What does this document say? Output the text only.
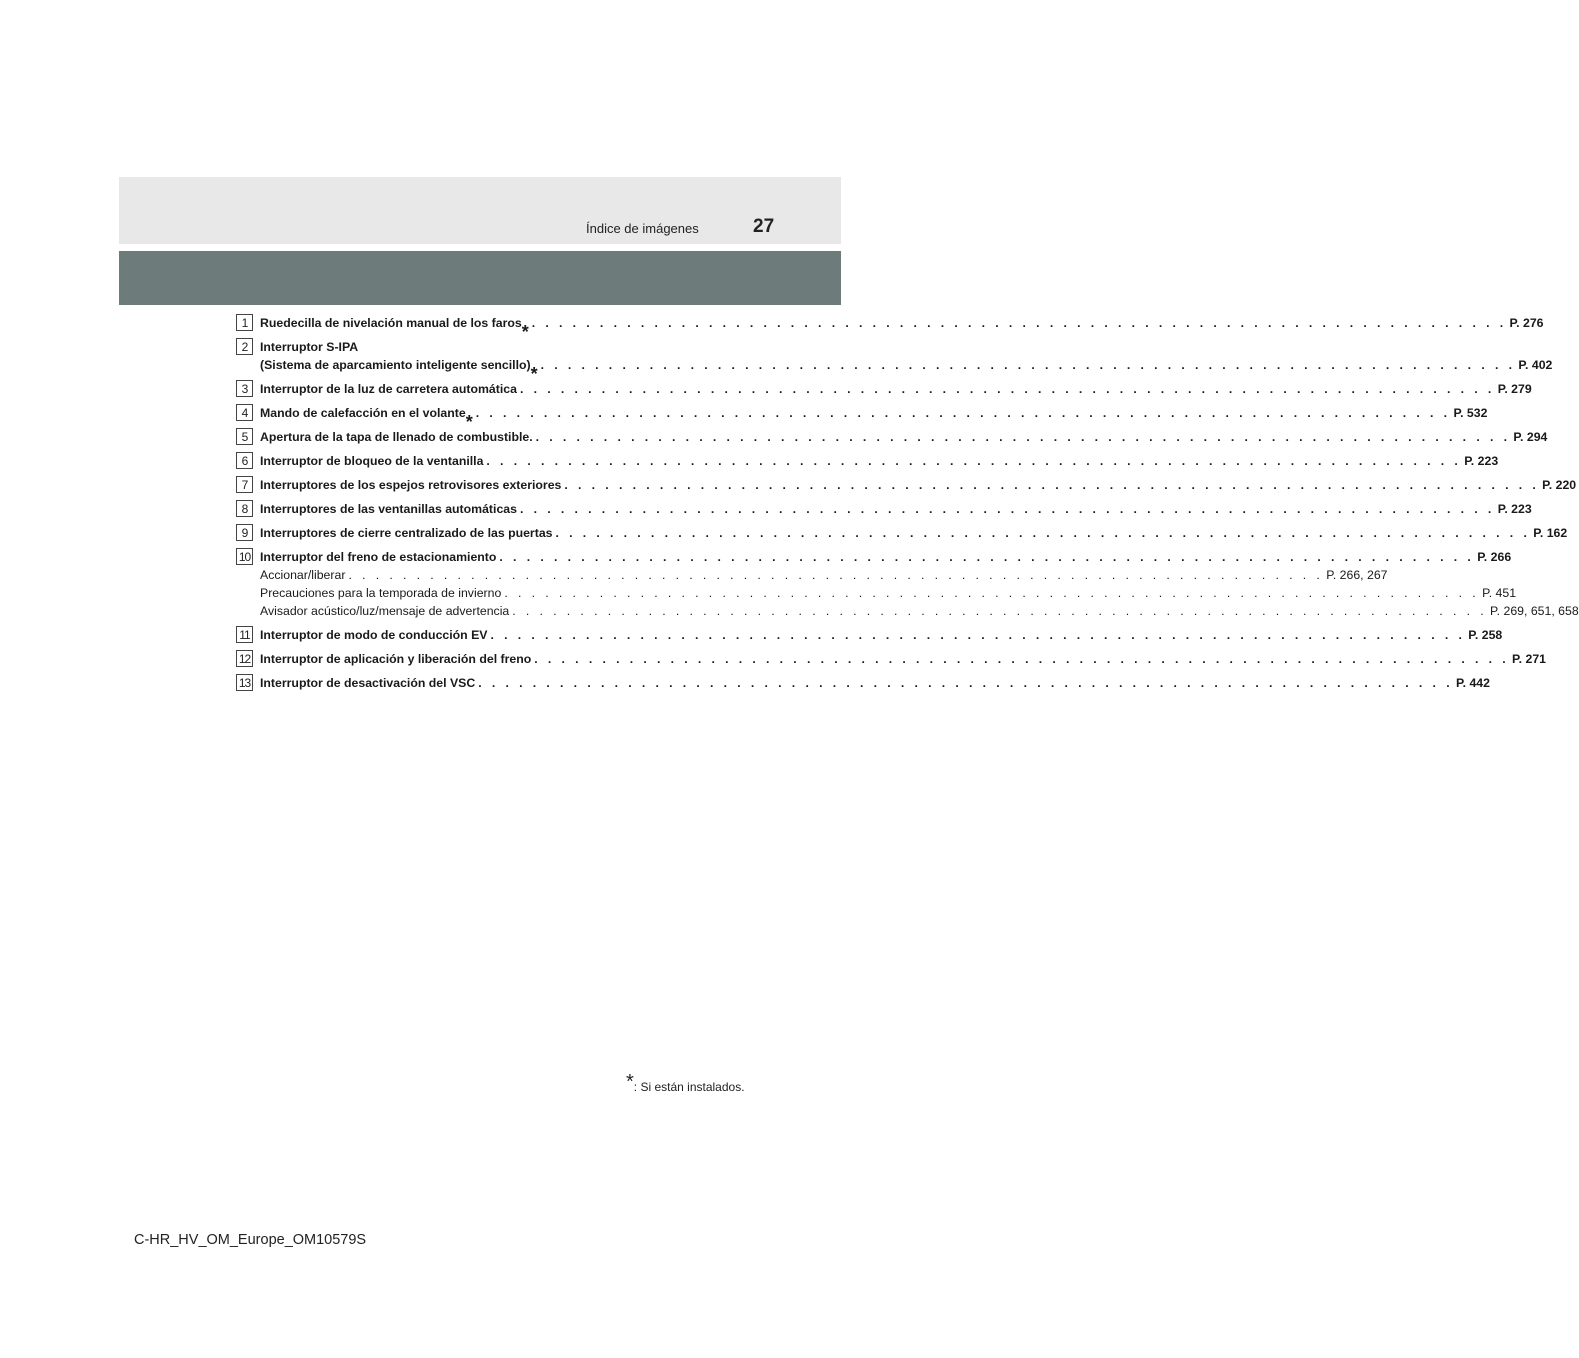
Índice de imágenes	27
1	Ruedecilla de nivelación manual de los faros * . . . . . . . . . . . . . . . . . . . . . . . . . . . . . . . . . . . . . . . . . . . . . . . . . . . . . . . . . . . . . . . . . . . . . . . . P. 276
2	Interruptor S-IPA
(Sistema de aparcamiento inteligente sencillo) * . . . . . . . . . . . . . . . . . . . . . . . . . . . . . . . . . . . . . . . . . . . . . . . . . . . . . . . . . . . . . . . . . . . . . . . . P. 402
3	Interruptor de la luz de carretera automática . . . . . . . . . . . . . . . . . . . . . . . . . . . . . . . . . . . . . . . . . . . . . . . . . . . . . . . . . . . . . . . . . . . . . . . . P. 279
4	Mando de calefacción en el volante * . . . . . . . . . . . . . . . . . . . . . . . . . . . . . . . . . . . . . . . . . . . . . . . . . . . . . . . . . . . . . . . . . . . . . . . . P. 532
5	Apertura de la tapa de llenado de combustible. . . . . . . . . . . . . . . . . . . . . . . . . . . . . . . . . . . . . . . . . . . . . . . . . . . . . . . . . . . . . . . . . . . . . . . . . P. 294
6	Interruptor de bloqueo de la ventanilla . . . . . . . . . . . . . . . . . . . . . . . . . . . . . . . . . . . . . . . . . . . . . . . . . . . . . . . . . . . . . . . . . . . . . . . . P. 223
7	Interruptores de los espejos retrovisores exteriores . . . . . . . . . . . . . . . . . . . . . . . . . . . . . . . . . . . . . . . . . . . . . . . . . . . . . . . . . . . . . . . . . . . . . . . . P. 220
8	Interruptores de las ventanillas automáticas . . . . . . . . . . . . . . . . . . . . . . . . . . . . . . . . . . . . . . . . . . . . . . . . . . . . . . . . . . . . . . . . . . . . . . . . P. 223
9	Interruptores de cierre centralizado de las puertas . . . . . . . . . . . . . . . . . . . . . . . . . . . . . . . . . . . . . . . . . . . . . . . . . . . . . . . . . . . . . . . . . . . . . . . . P. 162
10 Interruptor del freno de estacionamiento . . . . . . . . . . . . . . . . . . . . . . . . . . . . . . . . . . . . . . . . . . . . . . . . . . . . . . . . . . . . . . . . . . . . . . . . P. 266
Accionar/liberar . . . . . . . . . . . . . . . . . . . . . . . . . . . . . . . . . . . . . . . . . . . . . . . . . . . . . . . . . . . . . . . . . . . . . . . . P. 266, 267
Precauciones para la temporada de invierno . . . . . . . . . . . . . . . . . . . . . . . . . . . . . . . . . . . . . . . . . . . . . . . . . . . . . . . . . . . . . . . . . . . . . . . . P. 451
Avisador acústico/luz/mensaje de advertencia . . . . . . . . . . . . . . . . . . . . . . . . . . . . . . . . . . . . . . . . . . . . . . . . . . . . . . . . . . . . . . . . . . . . . . . . P. 269, 651, 658
11 Interruptor de modo de conducción EV . . . . . . . . . . . . . . . . . . . . . . . . . . . . . . . . . . . . . . . . . . . . . . . . . . . . . . . . . . . . . . . . . . . . . . . . P. 258
12 Interruptor de aplicación y liberación del freno . . . . . . . . . . . . . . . . . . . . . . . . . . . . . . . . . . . . . . . . . . . . . . . . . . . . . . . . . . . . . . . . . . . . . . . . P. 271
13 Interruptor de desactivación del VSC . . . . . . . . . . . . . . . . . . . . . . . . . . . . . . . . . . . . . . . . . . . . . . . . . . . . . . . . . . . . . . . . . . . . . . . . P. 442
*: Si están instalados.
C-HR_HV_OM_Europe_OM10579S
